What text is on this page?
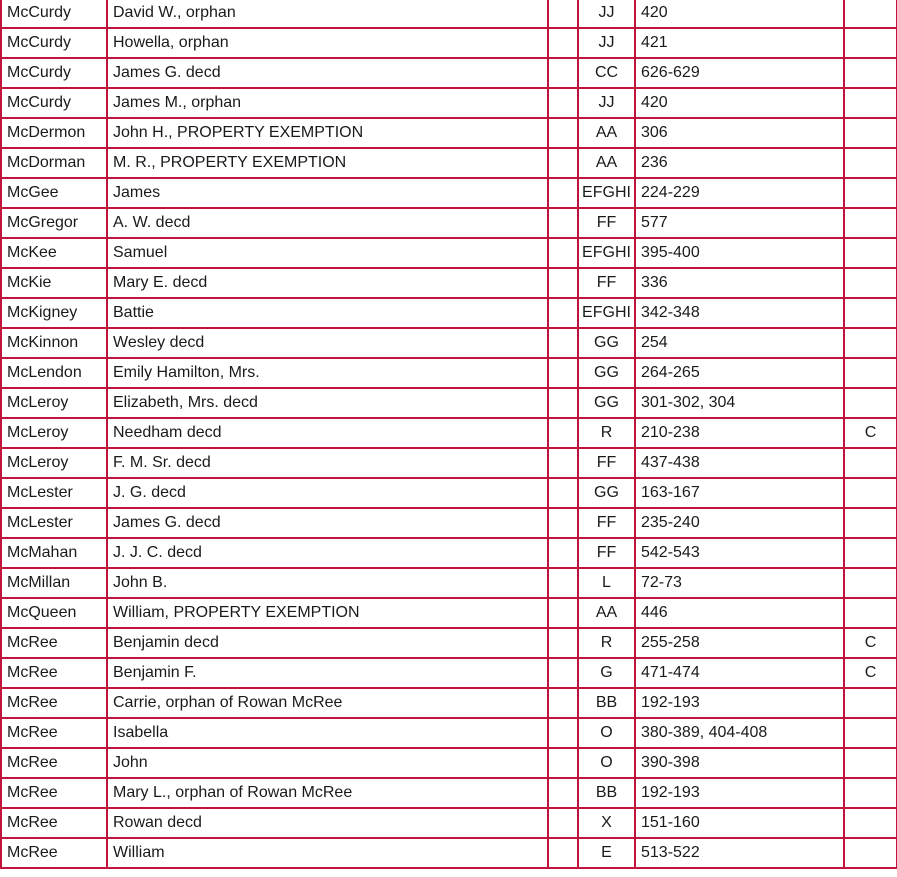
McCurdy	David W., orphan		JJ	420	
McCurdy	Howella, orphan		JJ	421	
McCurdy	James G. decd		CC	626-629	
McCurdy	James M., orphan		JJ	420	
McDermon	John H., PROPERTY EXEMPTION		AA	306	
McDorman	M. R., PROPERTY EXEMPTION		AA	236	
McGee	James		EFGHI	224-229	
McGregor	A. W. decd		FF	577	
McKee	Samuel		EFGHI	395-400	
McKie	Mary E. decd		FF	336	
McKigney	Battie		EFGHI	342-348	
McKinnon	Wesley decd		GG	254	
McLendon	Emily Hamilton, Mrs.		GG	264-265	
McLeroy	Elizabeth, Mrs. decd		GG	301-302, 304	
McLeroy	Needham decd		R	210-238	C
McLeroy	F. M. Sr. decd		FF	437-438	
McLester	J. G. decd		GG	163-167	
McLester	James G. decd		FF	235-240	
McMahan	J. J. C. decd		FF	542-543	
McMillan	John B.		L	72-73	
McQueen	William, PROPERTY EXEMPTION		AA	446	
McRee	Benjamin decd		R	255-258	C
McRee	Benjamin F.		G	471-474	C
McRee	Carrie, orphan of Rowan McRee		BB	192-193	
McRee	Isabella		O	380-389, 404-408	
McRee	John		O	390-398	
McRee	Mary L., orphan of Rowan McRee		BB	192-193	
McRee	Rowan decd		X	151-160	
McRee	William		E	513-522	
